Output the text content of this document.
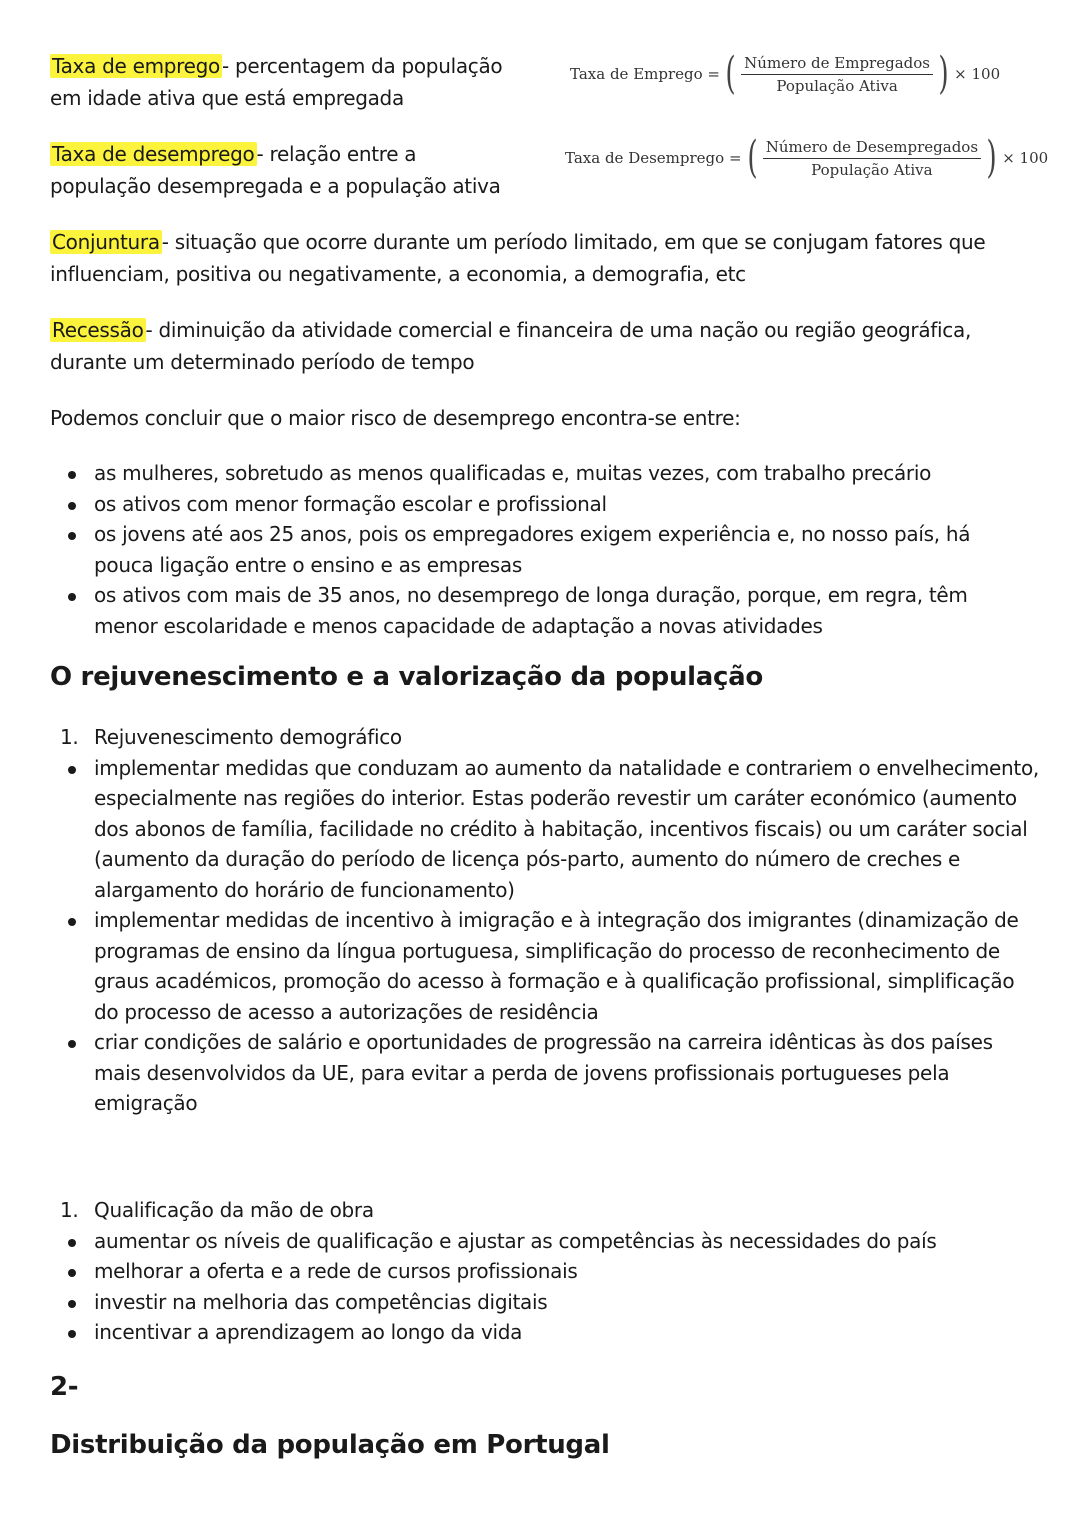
Taxa de emprego - percentagem da população
em idade ativa que está empregada
Taxa de Emprego = ( $\frac{\text{Número de Empregados}}{\text{População Ativa}}$ ) × 100
Taxa de desemprego - relação entre a
população desempregada e a população ativa
Taxa de Desemprego = ( $\frac{\text{Número de Desempregados}}{\text{População Ativa}}$ ) × 100
Conjuntura - situação que ocorre durante um período limitado, em que se conjugam fatores que
influenciam, positiva ou negativamente, a economia, a demografia, etc
Recessão - diminuição da atividade comercial e financeira de uma nação ou região geográfica,
durante um determinado período de tempo
Podemos concluir que o maior risco de desemprego encontra-se entre:
as mulheres, sobretudo as menos qualificadas e, muitas vezes, com trabalho precário
os ativos com menor formação escolar e profissional
os jovens até aos 25 anos, pois os empregadores exigem experiência e, no nosso país, há pouca ligação entre o ensino e as empresas
os ativos com mais de 35 anos, no desemprego de longa duração, porque, em regra, têm menor escolaridade e menos capacidade de adaptação a novas atividades
O rejuvenescimento e a valorização da população
1. Rejuvenescimento demográfico
implementar medidas que conduzam ao aumento da natalidade e contrariem o envelhecimento, especialmente nas regiões do interior. Estas poderão revestir um caráter económico (aumento dos abonos de família, facilidade no crédito à habitação, incentivos fiscais) ou um caráter social (aumento da duração do período de licença pós-parto, aumento do número de creches e alargamento do horário de funcionamento)
implementar medidas de incentivo à imigração e à integração dos imigrantes (dinamização de programas de ensino da língua portuguesa, simplificação do processo de reconhecimento de graus académicos, promoção do acesso à formação e à qualificação profissional, simplificação do processo de acesso a autorizações de residência
criar condições de salário e oportunidades de progressão na carreira idênticas às dos países mais desenvolvidos da UE, para evitar a perda de jovens profissionais portugueses pela emigração
1. Qualificação da mão de obra
aumentar os níveis de qualificação e ajustar as competências às necessidades do país
melhorar a oferta e a rede de cursos profissionais
investir na melhoria das competências digitais
incentivar a aprendizagem ao longo da vida
2-
Distribuição da população em Portugal
